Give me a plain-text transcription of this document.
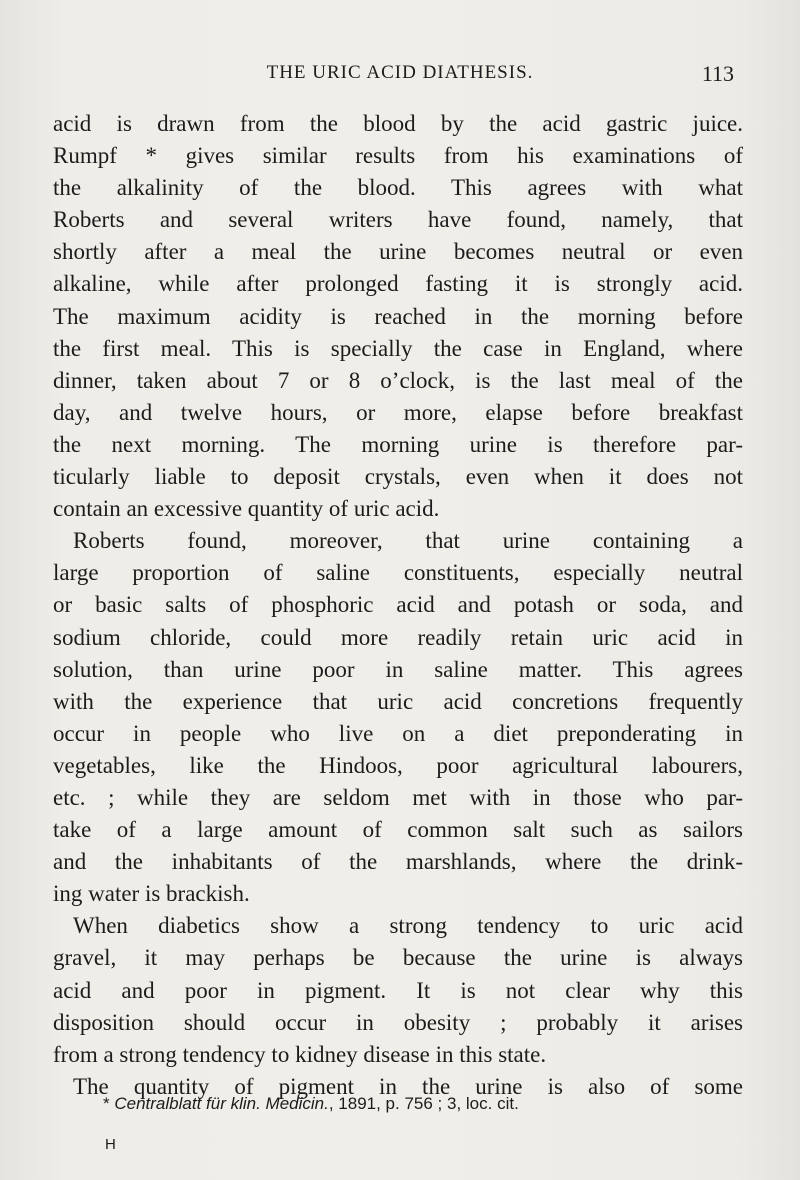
THE URIC ACID DIATHESIS.	113
acid is drawn from the blood by the acid gastric juice.
Rumpf * gives similar results from his examinations of
the alkalinity of the blood. This agrees with what
Roberts and several writers have found, namely, that
shortly after a meal the urine becomes neutral or even
alkaline, while after prolonged fasting it is strongly acid.
The maximum acidity is reached in the morning before
the first meal. This is specially the case in England, where
dinner, taken about 7 or 8 o’clock, is the last meal of the
day, and twelve hours, or more, elapse before breakfast
the next morning. The morning urine is therefore par-
ticularly liable to deposit crystals, even when it does not
contain an excessive quantity of uric acid.
Roberts found, moreover, that urine containing a
large proportion of saline constituents, especially neutral
or basic salts of phosphoric acid and potash or soda, and
sodium chloride, could more readily retain uric acid in
solution, than urine poor in saline matter. This agrees
with the experience that uric acid concretions frequently
occur in people who live on a diet preponderating in
vegetables, like the Hindoos, poor agricultural labourers,
etc. ; while they are seldom met with in those who par-
take of a large amount of common salt such as sailors
and the inhabitants of the marshlands, where the drink-
ing water is brackish.
When diabetics show a strong tendency to uric acid
gravel, it may perhaps be because the urine is always
acid and poor in pigment. It is not clear why this
disposition should occur in obesity ; probably it arises
from a strong tendency to kidney disease in this state.
The quantity of pigment in the urine is also of some
* Centralblatt für klin. Medicin., 1891, p. 756 ; 3, loc. cit.
H
